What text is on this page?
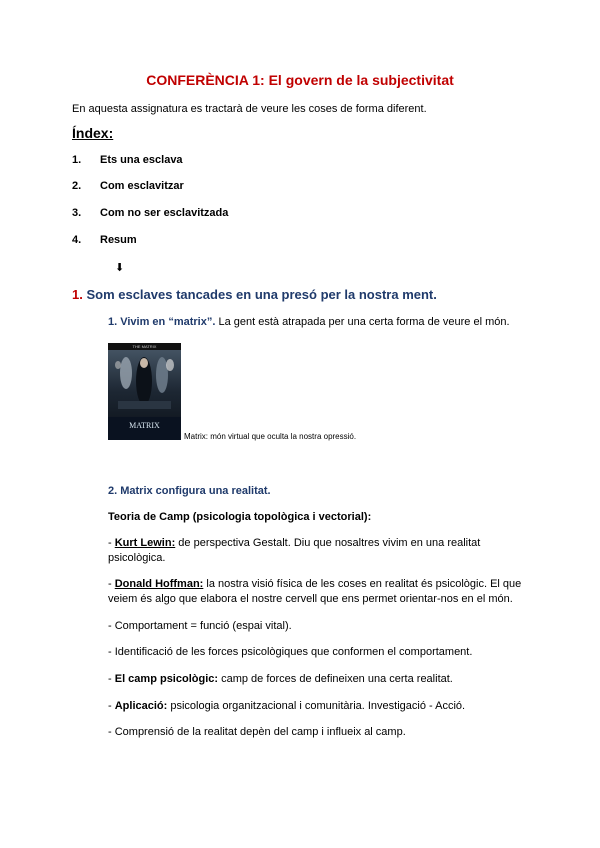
CONFERÈNCIA 1: El govern de la subjectivitat
En aquesta assignatura es tractarà de veure les coses de forma diferent.
Índex:
1. Ets una esclava
2. Com esclavitzar
3. Com no ser esclavitzada
4. Resum
⬇
1. Som esclaves tancades en una presó per la nostra ment.
1. Vivim en “matrix”. La gent està atrapada per una certa forma de veure el món.
THE MATRIX
MATRIX
Matrix: món virtual que oculta la nostra opressió.
2. Matrix configura una realitat.
Teoria de Camp (psicologia topològica i vectorial):
- Kurt Lewin: de perspectiva Gestalt. Diu que nosaltres vivim en una realitat psicològica.
- Donald Hoffman: la nostra visió física de les coses en realitat és psicològic. El que veiem és algo que elabora el nostre cervell que ens permet orientar-nos en el món.
- Comportament = funció (espai vital).
- Identificació de les forces psicològiques que conformen el comportament.
- El camp psicològic: camp de forces de defineixen una certa realitat.
- Aplicació: psicologia organitzacional i comunitària. Investigació - Acció.
- Comprensió de la realitat depèn del camp i influeix al camp.
